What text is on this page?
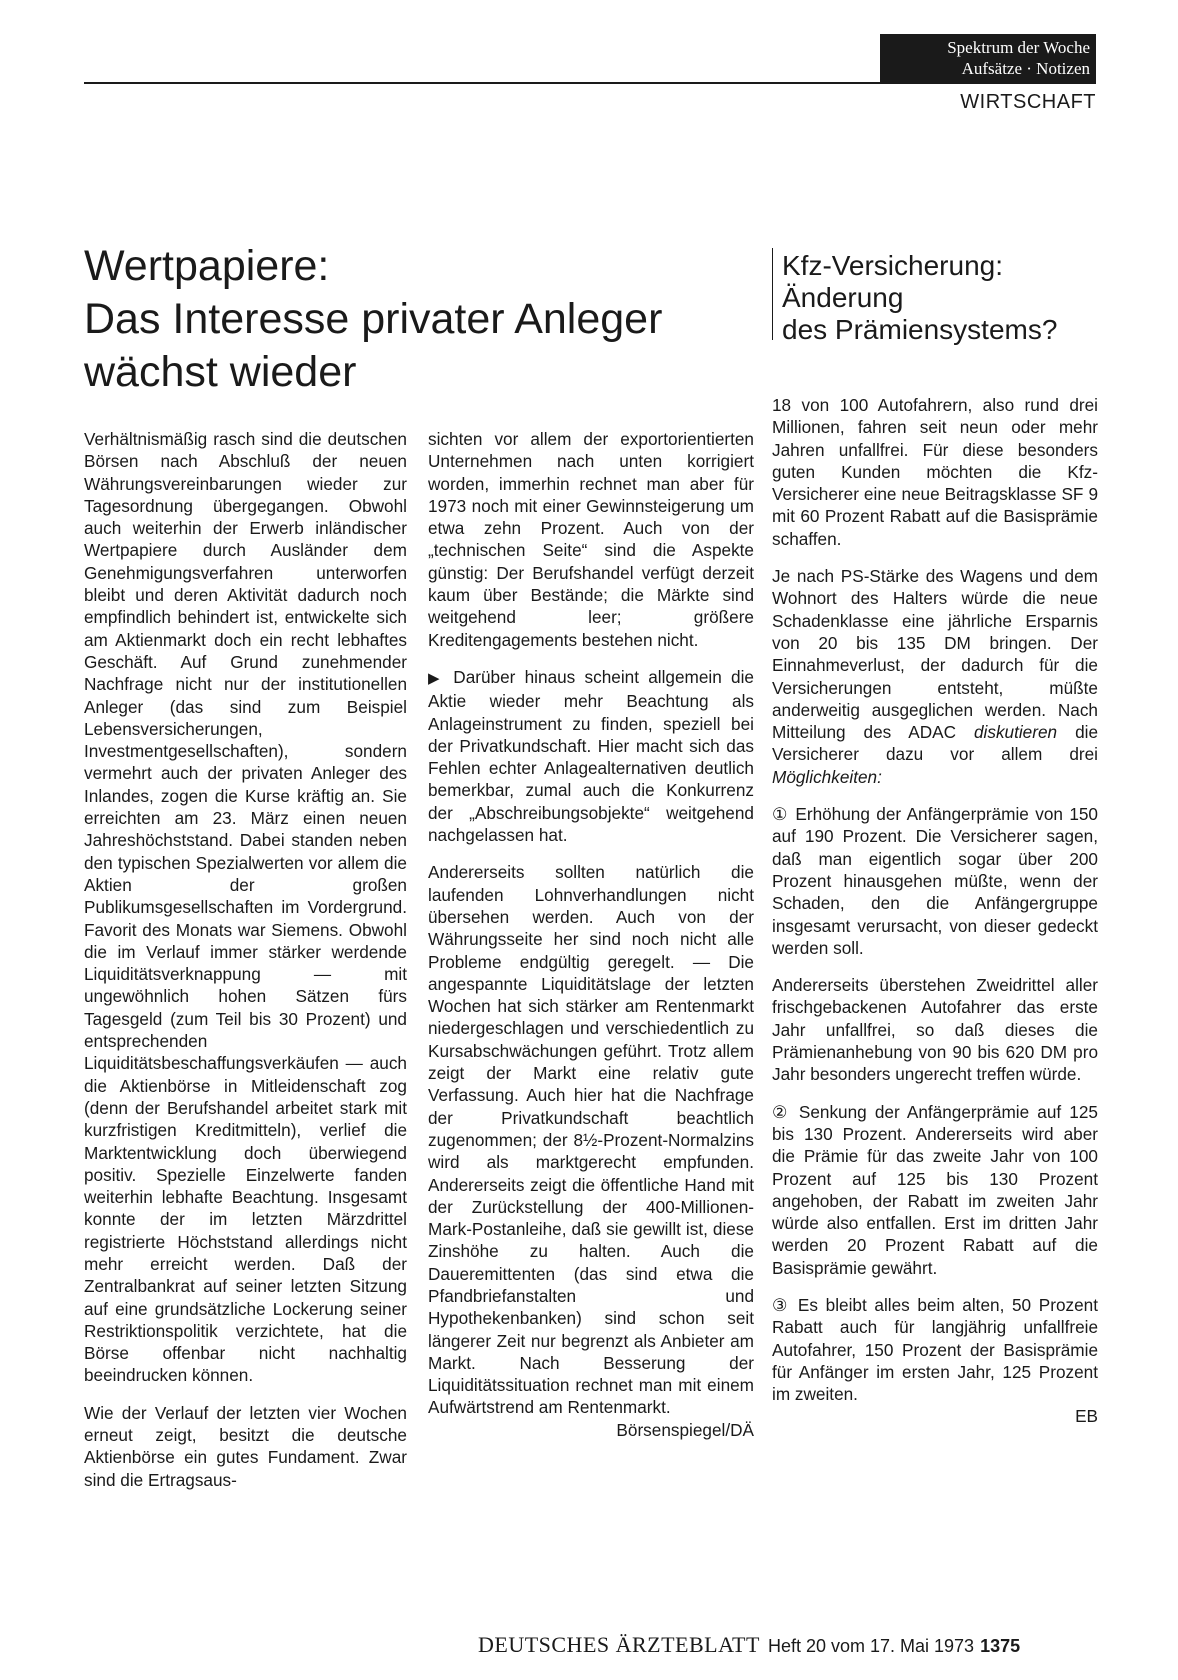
Spektrum der Woche
Aufsätze · Notizen
WIRTSCHAFT
Wertpapiere:
Das Interesse privater Anleger
wächst wieder
Kfz-Versicherung:
Änderung
des Prämiensystems?

Verhältnismäßig rasch sind die deutschen Börsen nach Abschluß der neuen Währungsvereinbarungen wieder zur Tagesordnung übergegangen. Obwohl auch weiterhin der Erwerb inländischer Wertpapiere durch Ausländer dem Genehmigungsverfahren unterworfen bleibt und deren Aktivität dadurch noch empfindlich behindert ist, entwickelte sich am Aktienmarkt doch ein recht lebhaftes Geschäft. Auf Grund zunehmender Nachfrage nicht nur der institutionellen Anleger (das sind zum Beispiel Lebensversicherungen, Investmentgesellschaften), sondern vermehrt auch der privaten Anleger des Inlandes, zogen die Kurse kräftig an. Sie erreichten am 23. März einen neuen Jahreshöchststand. Dabei standen neben den typischen Spezialwerten vor allem die Aktien der großen Publikumsgesellschaften im Vordergrund. Favorit des Monats war Siemens. Obwohl die im Verlauf immer stärker werdende Liquiditätsverknappung — mit ungewöhnlich hohen Sätzen fürs Tagesgeld (zum Teil bis 30 Prozent) und entsprechenden Liquiditätsbeschaffungsverkäufen — auch die Aktienbörse in Mitleidenschaft zog (denn der Berufshandel arbeitet stark mit kurzfristigen Kreditmitteln), verlief die Marktentwicklung doch überwiegend positiv. Spezielle Einzelwerte fanden weiterhin lebhafte Beachtung. Insgesamt konnte der im letzten Märzdrittel registrierte Höchststand allerdings nicht mehr erreicht werden. Daß der Zentralbankrat auf seiner letzten Sitzung auf eine grundsätzliche Lockerung seiner Restriktionspolitik verzichtete, hat die Börse offenbar nicht nachhaltig beeindrucken können.

Wie der Verlauf der letzten vier Wochen erneut zeigt, besitzt die deutsche Aktienbörse ein gutes Fundament. Zwar sind die Ertragsaus-

sichten vor allem der exportorientierten Unternehmen nach unten korrigiert worden, immerhin rechnet man aber für 1973 noch mit einer Gewinnsteigerung um etwa zehn Prozent. Auch von der „technischen Seite“ sind die Aspekte günstig: Der Berufshandel verfügt derzeit kaum über Bestände; die Märkte sind weitgehend leer; größere Kreditengagements bestehen nicht.

▶ Darüber hinaus scheint allgemein die Aktie wieder mehr Beachtung als Anlageinstrument zu finden, speziell bei der Privatkundschaft. Hier macht sich das Fehlen echter Anlagealternativen deutlich bemerkbar, zumal auch die Konkurrenz der „Abschreibungsobjekte“ weitgehend nachgelassen hat.

Andererseits sollten natürlich die laufenden Lohnverhandlungen nicht übersehen werden. Auch von der Währungsseite her sind noch nicht alle Probleme endgültig geregelt. — Die angespannte Liquiditätslage der letzten Wochen hat sich stärker am Rentenmarkt niedergeschlagen und verschiedentlich zu Kursabschwächungen geführt. Trotz allem zeigt der Markt eine relativ gute Verfassung. Auch hier hat die Nachfrage der Privatkundschaft beachtlich zugenommen; der 8½-Prozent-Normalzins wird als marktgerecht empfunden. Andererseits zeigt die öffentliche Hand mit der Zurückstellung der 400-Millionen-Mark-Postanleihe, daß sie gewillt ist, diese Zinshöhe zu halten. Auch die Daueremittenten (das sind etwa die Pfandbriefanstalten und Hypothekenbanken) sind schon seit längerer Zeit nur begrenzt als Anbieter am Markt. Nach Besserung der Liquiditätssituation rechnet man mit einem Aufwärtstrend am Rentenmarkt.
Börsenspiegel/DÄ

18 von 100 Autofahrern, also rund drei Millionen, fahren seit neun oder mehr Jahren unfallfrei. Für diese besonders guten Kunden möchten die Kfz-Versicherer eine neue Beitragsklasse SF 9 mit 60 Prozent Rabatt auf die Basisprämie schaffen.

Je nach PS-Stärke des Wagens und dem Wohnort des Halters würde die neue Schadenklasse eine jährliche Ersparnis von 20 bis 135 DM bringen. Der Einnahmeverlust, der dadurch für die Versicherungen entsteht, müßte anderweitig ausgeglichen werden. Nach Mitteilung des ADAC diskutieren die Versicherer dazu vor allem drei Möglichkeiten:

① Erhöhung der Anfängerprämie von 150 auf 190 Prozent. Die Versicherer sagen, daß man eigentlich sogar über 200 Prozent hinausgehen müßte, wenn der Schaden, den die Anfängergruppe insgesamt verursacht, von dieser gedeckt werden soll.

Andererseits überstehen Zweidrittel aller frischgebackenen Autofahrer das erste Jahr unfallfrei, so daß dieses die Prämienanhebung von 90 bis 620 DM pro Jahr besonders ungerecht treffen würde.

② Senkung der Anfängerprämie auf 125 bis 130 Prozent. Andererseits wird aber die Prämie für das zweite Jahr von 100 Prozent auf 125 bis 130 Prozent angehoben, der Rabatt im zweiten Jahr würde also entfallen. Erst im dritten Jahr werden 20 Prozent Rabatt auf die Basisprämie gewährt.

③ Es bleibt alles beim alten, 50 Prozent Rabatt auch für langjährig unfallfreie Autofahrer, 150 Prozent der Basisprämie für Anfänger im ersten Jahr, 125 Prozent im zweiten.
EB

DEUTSCHES ÄRZTEBLATT Heft 20 vom 17. Mai 1973 1375
